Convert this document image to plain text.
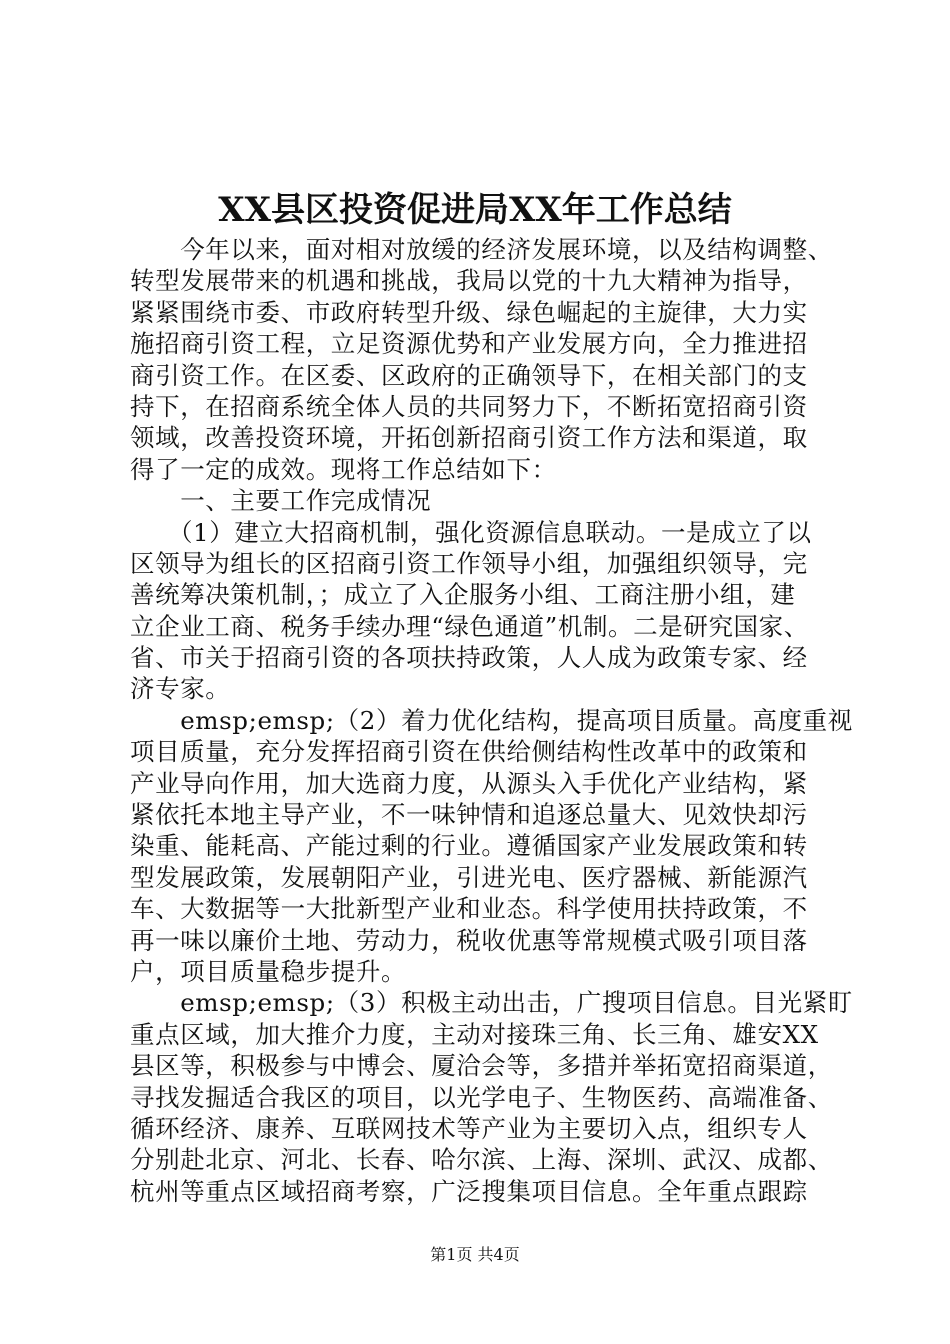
XX县区投资促进局XX年工作总结
　　今年以来，面对相对放缓的经济发展环境，以及结构调整、
转型发展带来的机遇和挑战，我局以党的十九大精神为指导，
紧紧围绕市委、市政府转型升级、绿色崛起的主旋律，大力实
施招商引资工程，立足资源优势和产业发展方向，全力推进招
商引资工作。在区委、区政府的正确领导下，在相关部门的支
持下，在招商系统全体人员的共同努力下，不断拓宽招商引资
领域，改善投资环境，开拓创新招商引资工作方法和渠道，取
得了一定的成效。现将工作总结如下：
　　一、主要工作完成情况
　　（1）建立大招商机制，强化资源信息联动。一是成立了以
区领导为组长的区招商引资工作领导小组，加强组织领导，完
善统筹决策机制，；成立了入企服务小组、工商注册小组，建
立企业工商、税务手续办理“绿色通道”机制。二是研究国家、
省、市关于招商引资的各项扶持政策，人人成为政策专家、经
济专家。
　　emsp;emsp;（2）着力优化结构，提高项目质量。高度重视
项目质量，充分发挥招商引资在供给侧结构性改革中的政策和
产业导向作用，加大选商力度，从源头入手优化产业结构，紧
紧依托本地主导产业，不一味钟情和追逐总量大、见效快却污
染重、能耗高、产能过剩的行业。遵循国家产业发展政策和转
型发展政策，发展朝阳产业，引进光电、医疗器械、新能源汽
车、大数据等一大批新型产业和业态。科学使用扶持政策，不
再一味以廉价土地、劳动力，税收优惠等常规模式吸引项目落
户，项目质量稳步提升。
　　emsp;emsp;（3）积极主动出击，广搜项目信息。目光紧盯
重点区域，加大推介力度，主动对接珠三角、长三角、雄安XX
县区等，积极参与中博会、厦洽会等，多措并举拓宽招商渠道，
寻找发掘适合我区的项目，以光学电子、生物医药、高端准备、
循环经济、康养、互联网技术等产业为主要切入点，组织专人
分别赴北京、河北、长春、哈尔滨、上海、深圳、武汉、成都、
杭州等重点区域招商考察，广泛搜集项目信息。全年重点跟踪
第1页 共4页
